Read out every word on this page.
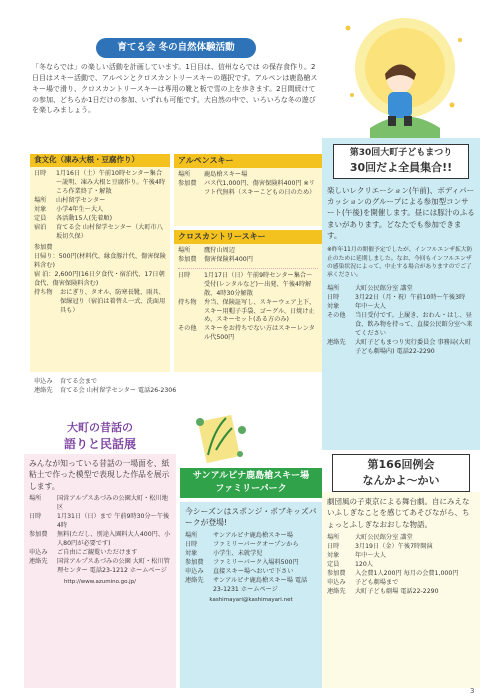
育てる会 冬の自然体験活動
「冬ならでは」の楽しい活動を計画しています。1日目は、信州ならでは の保存食作り。2日目はスキー活動で、アルペンとクロスカントリースキーの選択です。アルペンは鹿島槍スキー場で滑り、クロスカントリースキーは専用の靴と板で雪の上を歩きます。2日間続けての参加、どちらか1日だけの参加、いずれも可能です。大自然の中で、いろいろな冬の遊びを楽しみましょう。
食文化（凍み大根・豆腐作り）
日時	1月16日（土）午前10時センター集合～説明、凍み大根と豆腐作り。午後4時ころ作業終了・解散
場所	山村留学センター
対象	小学4年生～大人
定員	各活動15人(先着順)
宿泊	育てる会 山村留学センター（大町市八坂切久保）
参加費
日帰り：500円(材料代、縁食豚汁代、傷害保険料含む)
宿 泊：2,600円(16日夕食代・宿泊代、17日朝食代、傷害保険料含む)
持ち物	おにぎり、タオル、防寒長靴、雨具、保線冠り（宿泊は着替え一式、洗面用具も）
アルペンスキー
場所	鹿島槍スキー場
参加費	バス代1,000円、傷害保険料400円 ※リフト代無料（スキーこどもの日のため）
クロスカントリースキー
場所	鷹狩山周辺
参加費	傷害保険料400円
日時	1月17日（日）午前9時センター集合～受付(レンタルなど)～出発、午後4時解散、4時30分解散
持ち物	弁当、保険証写し、スキーウェア上下、スキー用帽子手袋、ゴーグル、日焼け止め、スキーセット(ある方のみ)
その他	スキーをお持ちでない方はスキーレンタル代500円
申込み	育てる会まで
連絡先	育てる会 山村留学センター 電話26-2306
第30回大町子どもまつり
30回だよ全員集合!!
楽しいレクリエーション(午前)、ボディパーカッションのグループによる参加型コンサート(午後)を開催します。昼には豚汁のふるまいがあります。どなたでも参加できます。
※昨年11月の開催予定でしたが、インフルエンザ拡大防止のために延期しました。なお、今回もインフルエンザの感染状況によって、中止する場合がありますのでご了承ください。
場所	大町公民館分室 講堂
日時	3月22日（月・祝）午前10時～午後3時
対象	年中～大人
その他	当日受付です。上履き、おわん・はし、昼食、飲み物を持って、直接公民館分室へ来てください
連絡先	大町子どもまつり実行委員会 事務局(大町子ども劇場内) 電話22-2290
大町の昔話の
語りと民話展
みんなが知っている昔話の一場面を、紙粘土で作った模型で表現した作品を展示します。
場所	国営アルプスあづみの公園大町・松川地区
日時	1月31日（日）まで 午前9時30分～午後4時
参加費	無料(ただし、別途入園料大人400円、小人80円が必要です)
申込み	ご自由にご観覧いただけます
連絡先	国営アルプスあづみの公園 大町・松川管理センター 電話23-1212 ホームページ
http://www.azumino.go.jp/
サンアルピナ鹿島槍スキー場
ファミリーパーク
今シーズンはスポンジ・ボブキッズパークが登場!
場所	サンアルピナ鹿島槍スキー場
日時	ファミリーパークオープンから
対象	小学生、未就学児
参加費	ファミリーパーク入場料500円
申込み	直接スキー場へおいで下さい
連絡先	サンアルピナ鹿島槍スキー場 電話23-1231 ホームページ
kashimayari@kashimayari.net
第166回例会
なんかよ～かい
劇団風の子東京による舞台劇。自にみえないふしぎなことを感じてあそびながら、ちょっとふしぎなおおしな物語。
場所	大町公民館分室 講堂
日時	3月19日（金）午後7時開演
対象	年中～大人
定員	120人
参加費	入会費1人200円 毎月の会費1,000円
申込み	子ども劇場まで
連絡先	大町子ども劇場 電話22-2290
3
